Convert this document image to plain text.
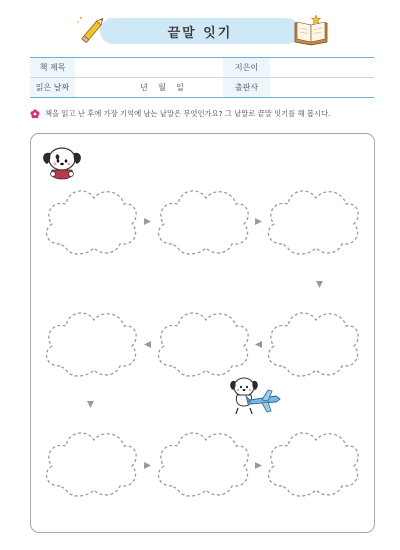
끝말 잇기
책 제목		지은이	
읽은 날짜	년 월 일	출판사	
책을 읽고 난 후에 가장 기억에 남는 낱말은 무엇인가요? 그 낱말로 끝말 잇기를 해 봅시다.
